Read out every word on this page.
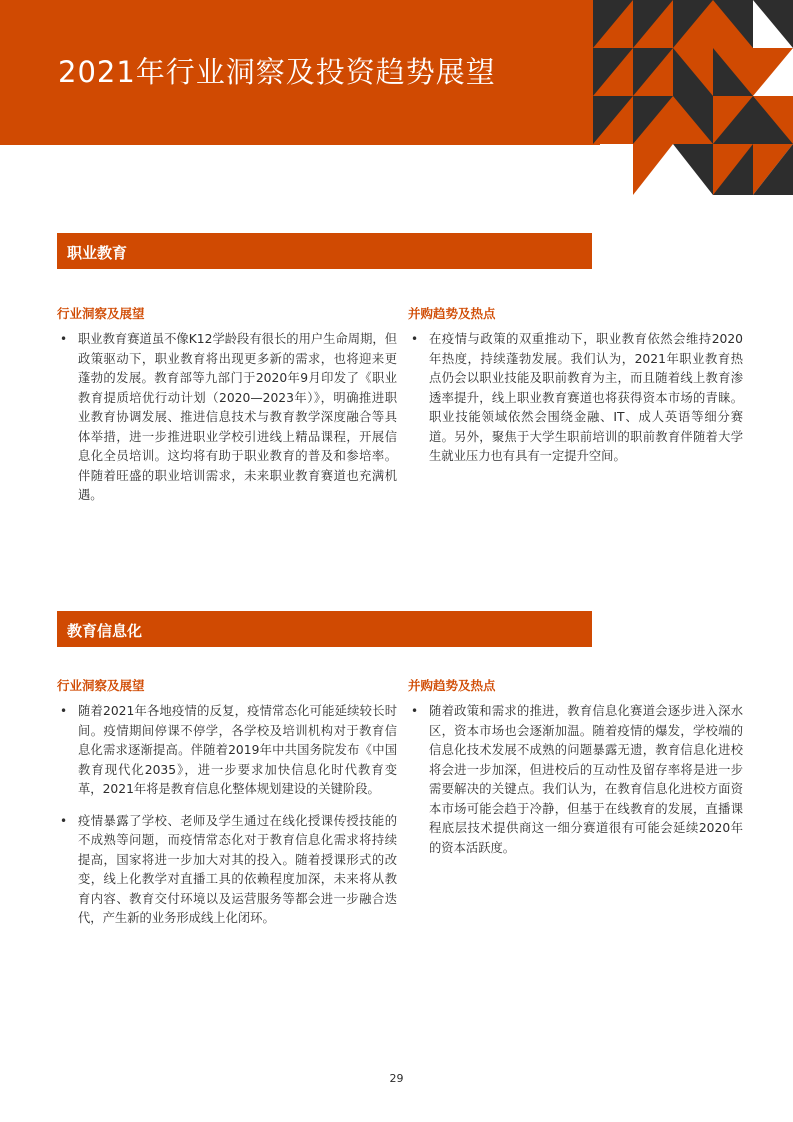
2021年行业洞察及投资趋势展望
职业教育
行业洞察及展望
• 职业教育赛道虽不像K12学龄段有很长的用户生命周期，但政策驱动下，职业教育将出现更多新的需求，也将迎来更蓬勃的发展。教育部等九部门于2020年9月印发了《职业教育提质培优行动计划（2020—2023年）》，明确推进职业教育协调发展、推进信息技术与教育教学深度融合等具体举措，进一步推进职业学校引进线上精品课程，开展信息化全员培训。这均将有助于职业教育的普及和参培率。伴随着旺盛的职业培训需求，未来职业教育赛道也充满机遇。
并购趋势及热点
• 在疫情与政策的双重推动下，职业教育依然会维持2020年热度，持续蓬勃发展。我们认为，2021年职业教育热点仍会以职业技能及职前教育为主，而且随着线上教育渗透率提升，线上职业教育赛道也将获得资本市场的青睐。职业技能领域依然会围绕金融、IT、成人英语等细分赛道。另外，聚焦于大学生职前培训的职前教育伴随着大学生就业压力也有具有一定提升空间。
教育信息化
行业洞察及展望
• 随着2021年各地疫情的反复，疫情常态化可能延续较长时间。疫情期间停课不停学，各学校及培训机构对于教育信息化需求逐渐提高。伴随着2019年中共国务院发布《中国教育现代化2035》，进一步要求加快信息化时代教育变革，2021年将是教育信息化整体规划建设的关键阶段。
• 疫情暴露了学校、老师及学生通过在线化授课传授技能的不成熟等问题，而疫情常态化对于教育信息化需求将持续提高，国家将进一步加大对其的投入。随着授课形式的改变，线上化教学对直播工具的依赖程度加深，未来将从教育内容、教育交付环境以及运营服务等都会进一步融合迭代，产生新的业务形成线上化闭环。
并购趋势及热点
• 随着政策和需求的推进，教育信息化赛道会逐步进入深水区，资本市场也会逐渐加温。随着疫情的爆发，学校端的信息化技术发展不成熟的问题暴露无遗，教育信息化进校将会进一步加深，但进校后的互动性及留存率将是进一步需要解决的关键点。我们认为，在教育信息化进校方面资本市场可能会趋于冷静，但基于在线教育的发展，直播课程底层技术提供商这一细分赛道很有可能会延续2020年的资本活跃度。
29
